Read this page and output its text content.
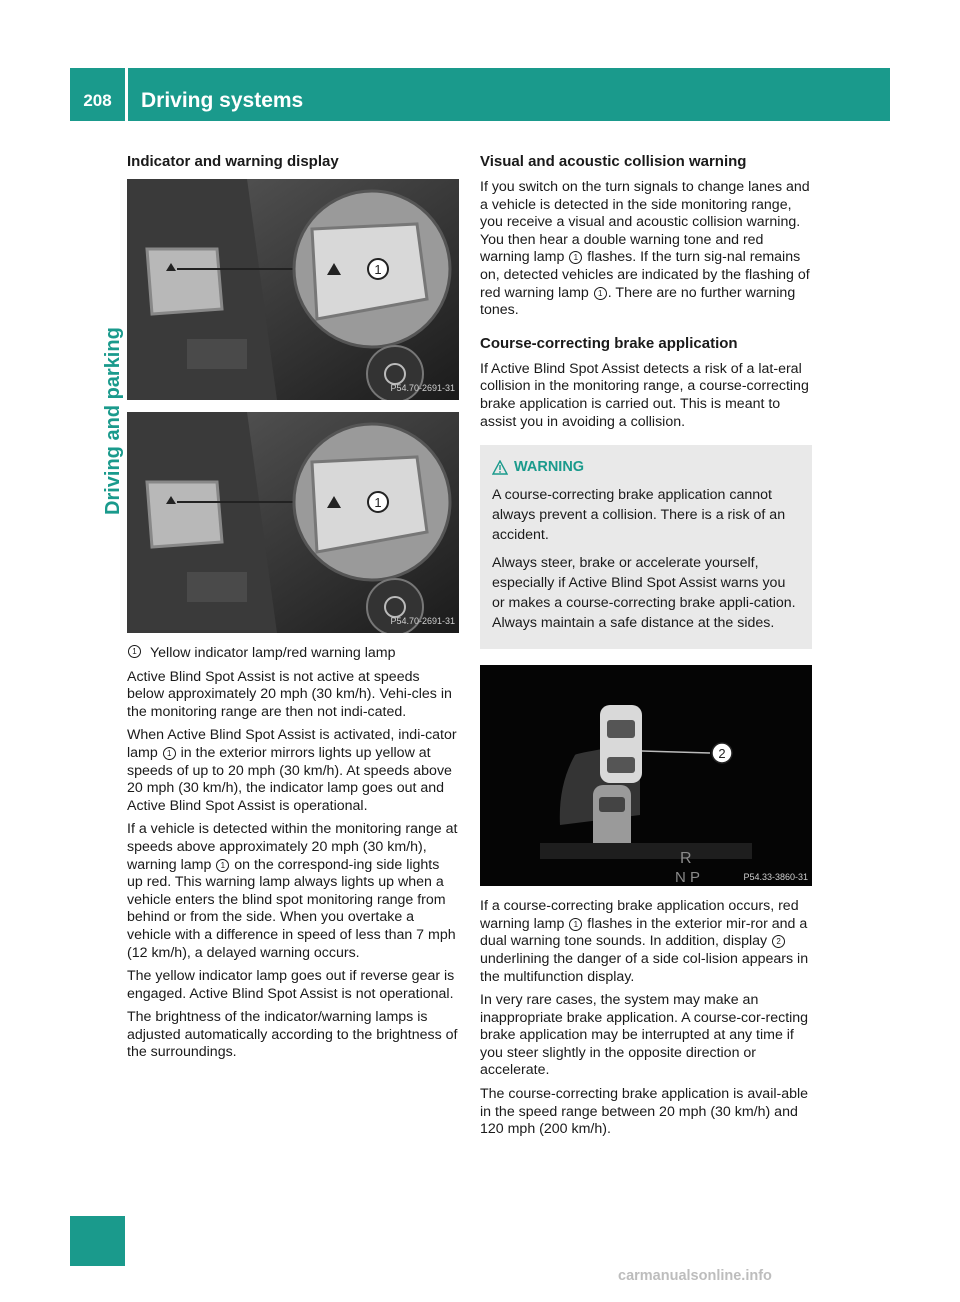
208	Driving systems
Driving and parking
Indicator and warning display
1
P54.70-2691-31
1
P54.70-2691-31
1 Yellow indicator lamp/red warning lamp

Active Blind Spot Assist is not active at speeds below approximately 20 mph (30 km/h). Vehi-cles in the monitoring range are then not indi-cated.

When Active Blind Spot Assist is activated, indi-cator lamp 1 in the exterior mirrors lights up yellow at speeds of up to 20 mph (30 km/h). At speeds above 20 mph (30 km/h), the indicator lamp goes out and Active Blind Spot Assist is operational.

If a vehicle is detected within the monitoring range at speeds above approximately 20 mph (30 km/h), warning lamp 1 on the correspond-ing side lights up red. This warning lamp always lights up when a vehicle enters the blind spot monitoring range from behind or from the side. When you overtake a vehicle with a difference in speed of less than 7 mph (12 km/h), a delayed warning occurs.

The yellow indicator lamp goes out if reverse gear is engaged. Active Blind Spot Assist is not operational.

The brightness of the indicator/warning lamps is adjusted automatically according to the brightness of the surroundings.

Visual and acoustic collision warning

If you switch on the turn signals to change lanes and a vehicle is detected in the side monitoring range, you receive a visual and acoustic collision warning. You then hear a double warning tone and red warning lamp 1 flashes. If the turn sig-nal remains on, detected vehicles are indicated by the flashing of red warning lamp 1 . There are no further warning tones.

Course-correcting brake application

If Active Blind Spot Assist detects a risk of a lat-eral collision in the monitoring range, a course-correcting brake application is carried out. This is meant to assist you in avoiding a collision.

WARNING

A course-correcting brake application cannot always prevent a collision. There is a risk of an accident.

Always steer, brake or accelerate yourself, especially if Active Blind Spot Assist warns you or makes a course-correcting brake appli-cation. Always maintain a safe distance at the sides.

2
R
N P	P54.33-3860-31

If a course-correcting brake application occurs, red warning lamp 1 flashes in the exterior mir-ror and a dual warning tone sounds. In addition, display 2 underlining the danger of a side col-lision appears in the multifunction display.

In very rare cases, the system may make an inappropriate brake application. A course-cor-recting brake application may be interrupted at any time if you steer slightly in the opposite direction or accelerate.

The course-correcting brake application is avail-able in the speed range between 20 mph (30 km/h) and 120 mph (200 km/h).

carmanualsonline.info
